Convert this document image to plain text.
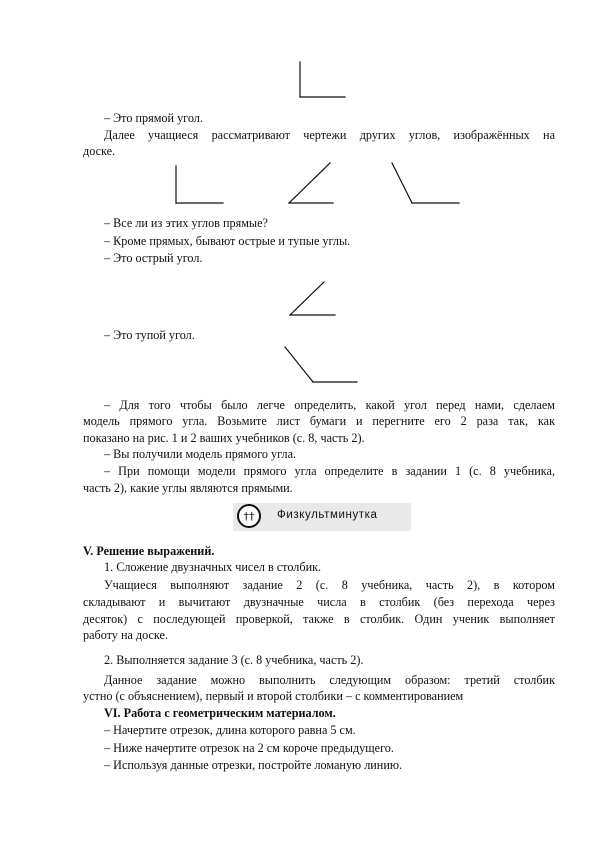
– Это прямой угол.
Далее учащиеся рассматривают чертежи других углов, изображённых на
доске.
– Все ли из этих углов прямые?
– Кроме прямых, бывают острые и тупые углы.
– Это острый угол.
– Это тупой угол.
– Для того чтобы было легче определить, какой угол перед нами, сделаем
модель прямого угла. Возьмите лист бумаги и перегните его 2 раза так, как
показано на рис. 1 и 2 ваших учебников (с. 8, часть 2).
– Вы получили модель прямого угла.
– При помощи модели прямого угла определите в задании 1 (с. 8 учебника,
часть 2), какие углы являются прямыми.
††	Физкультминутка
V. Решение выражений.
1. Сложение двузначных чисел в столбик.
Учащиеся выполняют задание 2 (с. 8 учебника, часть 2), в котором
складывают и вычитают двузначные числа в столбик (без перехода через
десяток) с последующей проверкой, также в столбик. Один ученик выполняет
работу на доске.
2. Выполняется задание 3 (с. 8 учебника, часть 2).
Данное задание можно выполнить следующим образом: третий столбик
устно (с объяснением), первый и второй столбики – с комментированием
VI. Работа с геометрическим материалом.
– Начертите отрезок, длина которого равна 5 см.
– Ниже начертите отрезок на 2 см короче предыдущего.
– Используя данные отрезки, постройте ломаную линию.
